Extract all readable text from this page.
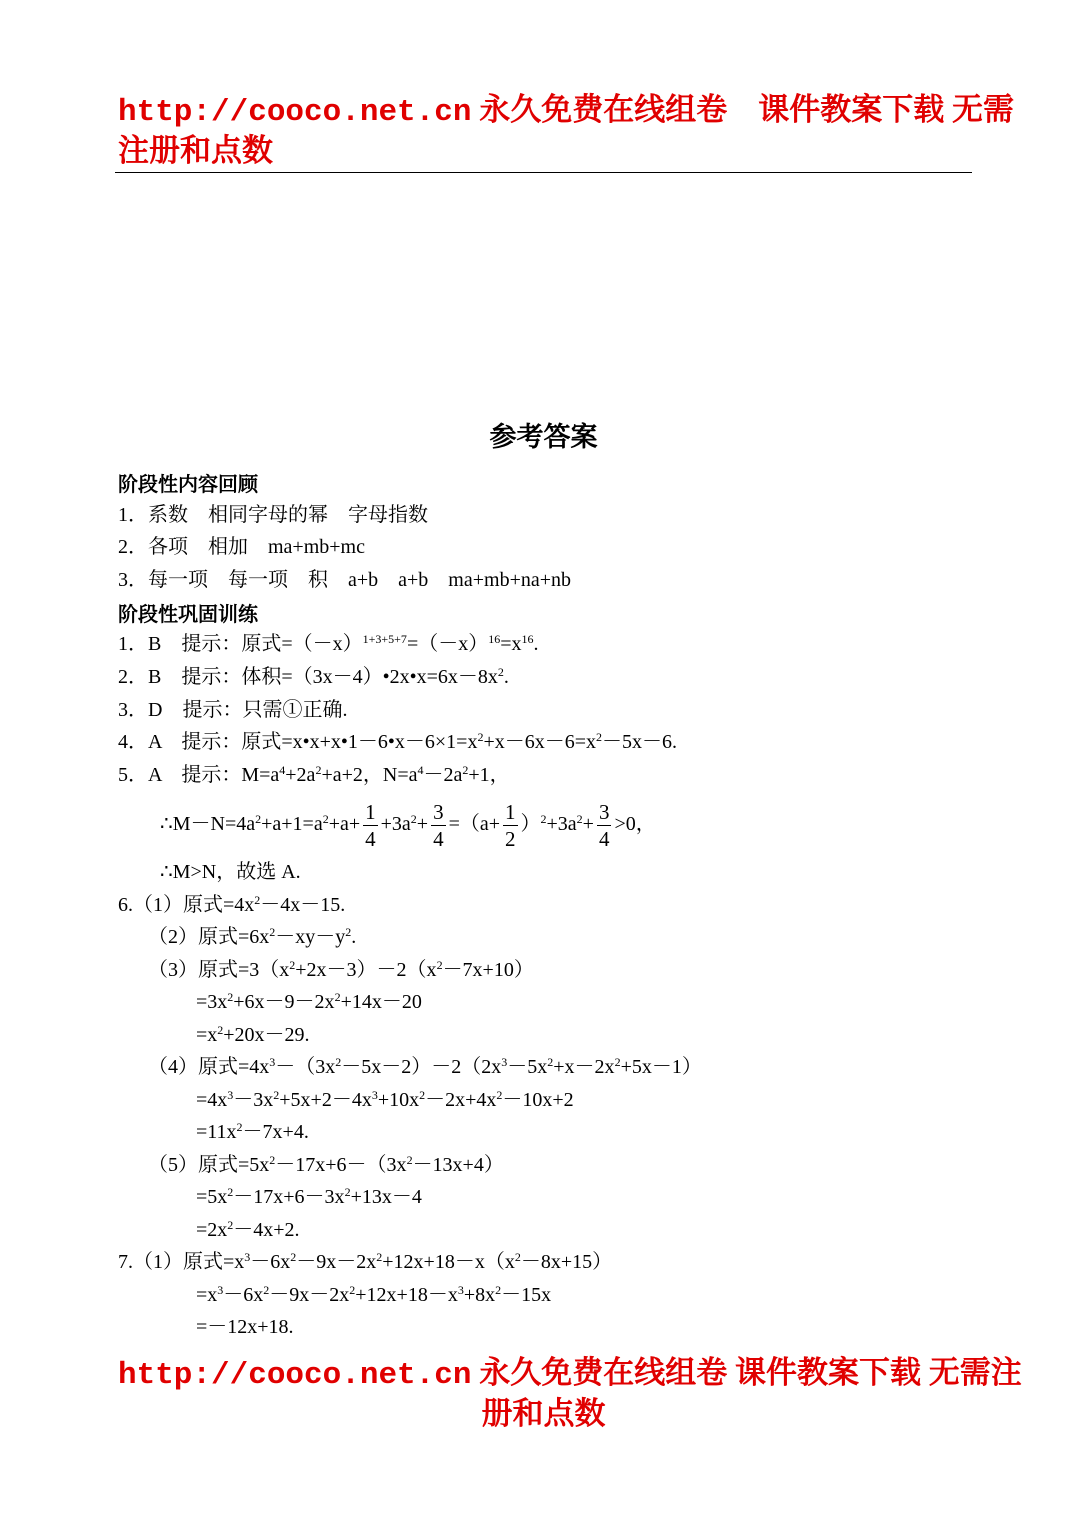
http://cooco.net.cn 永久免费在线组卷　课件教案下载 无需
注册和点数
参考答案
阶段性内容回顾
1．系数　相同字母的幂　字母指数
2．各项　相加　ma+mb+mc
3．每一项　每一项　积　a+b　a+b　ma+mb+na+nb
阶段性巩固训练
1．B　提示：原式$=(-x)^{1+3+5+7}=(-x)^{16}=x^{16}$.
2．B　提示：体积$=(3x-4)•2x•x=6x-8x^2$.
3．D　提示：只需①正确.
4．A　提示：原式$=x•x+x•1-6•x-6\times 1=x^2+x-6x-6=x^2-5x-6$.
5．A　提示：$M=a^4+2a^2+a+2$，$N=a^4-2a^2+1$，
$\therefore M-N=4a^2+a+1=a^2+a+ \frac{1}{4} +3a^2+ \frac{3}{4} =(a+ \frac{1}{2} )^2+3a^2+ \frac{3}{4} >0$，
∴M>N，故选 A.
6.（1）原式$=4x^2-4x-15$.
（2）原式$=6x^2-xy-y^2$.
（3）原式$=3(x^2+2x-3)-2(x^2-7x+10)$
$=3x^2+6x-9-2x^2+14x-20$
$=x^2+20x-29$.
（4）原式$=4x^3-(3x^2-5x-2)-2(2x^3-5x^2+x-2x^2+5x-1)$
$=4x^3-3x^2+5x+2-4x^3+10x^2-2x+4x^2-10x+2$
$=11x^2-7x+4$.
（5）原式$=5x^2-17x+6-(3x^2-13x+4)$
$=5x^2-17x+6-3x^2+13x-4$
$=2x^2-4x+2$.
7.（1）原式$=x^3-6x^2-9x-2x^2+12x+18-x(x^2-8x+15)$
$=x^3-6x^2-9x-2x^2+12x+18-x^3+8x^2-15x$
=－12x+18.
http://cooco.net.cn 永久免费在线组卷 课件教案下载 无需注
册和点数
